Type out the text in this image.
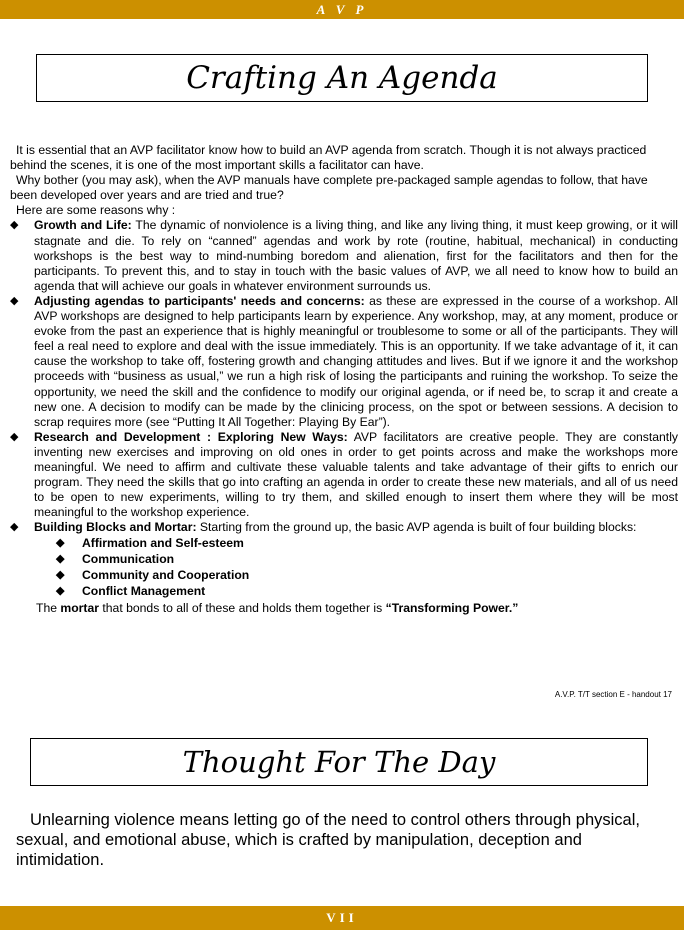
A V P
Crafting An Agenda

It is essential that an AVP facilitator know how to build an AVP agenda from scratch. Though it is not always practiced behind the scenes, it is one of the most important skills a facilitator can have.

Why bother (you may ask), when the AVP manuals have complete pre-packaged sample agendas to follow, that have been developed over years and are tried and true?

Here are some reasons why :

◆ Growth and Life: The dynamic of nonviolence is a living thing, and like any living thing, it must keep growing, or it will stagnate and die. To rely on “canned” agendas and work by rote (routine, habitual, mechanical) in conducting workshops is the best way to mind-numbing boredom and alienation, first for the facilitators and then for the participants. To prevent this, and to stay in touch with the basic values of AVP, we all need to know how to build an agenda that will achieve our goals in whatever environment surrounds us.
◆ Adjusting agendas to participants' needs and concerns: as these are expressed in the course of a workshop. All AVP workshops are designed to help participants learn by experience. Any workshop, may, at any moment, produce or evoke from the past an experience that is highly meaningful or troublesome to some or all of the participants. They will feel a real need to explore and deal with the issue immediately. This is an opportunity. If we take advantage of it, it can cause the workshop to take off, fostering growth and changing attitudes and lives. But if we ignore it and the workshop proceeds with “business as usual,” we run a high risk of losing the participants and ruining the workshop. To seize the opportunity, we need the skill and the confidence to modify our original agenda, or if need be, to scrap it and create a new one. A decision to modify can be made by the clinicing process, on the spot or between sessions. A decision to scrap requires more (see “Putting It All Together: Playing By Ear”).
◆ Research and Development : Exploring New Ways: AVP facilitators are creative people. They are constantly inventing new exercises and improving on old ones in order to get points across and make the workshops more meaningful. We need to affirm and cultivate these valuable talents and take advantage of their gifts to enrich our program. They need the skills that go into crafting an agenda in order to create these new materials, and all of us need to be open to new experiments, willing to try them, and skilled enough to insert them where they will be most meaningful to the workshop experience.
◆ Building Blocks and Mortar: Starting from the ground up, the basic AVP agenda is built of four building blocks:
◆ Affirmation and Self-esteem
◆ Communication
◆ Community and Cooperation
◆ Conflict Management

The mortar that bonds to all of these and holds them together is “Transforming Power.”

A.V.P. T/T section E - handout 17
Thought For The Day
Unlearning violence means letting go of the need to control others through physical, sexual, and emotional abuse, which is crafted by manipulation, deception and intimidation.
VII
